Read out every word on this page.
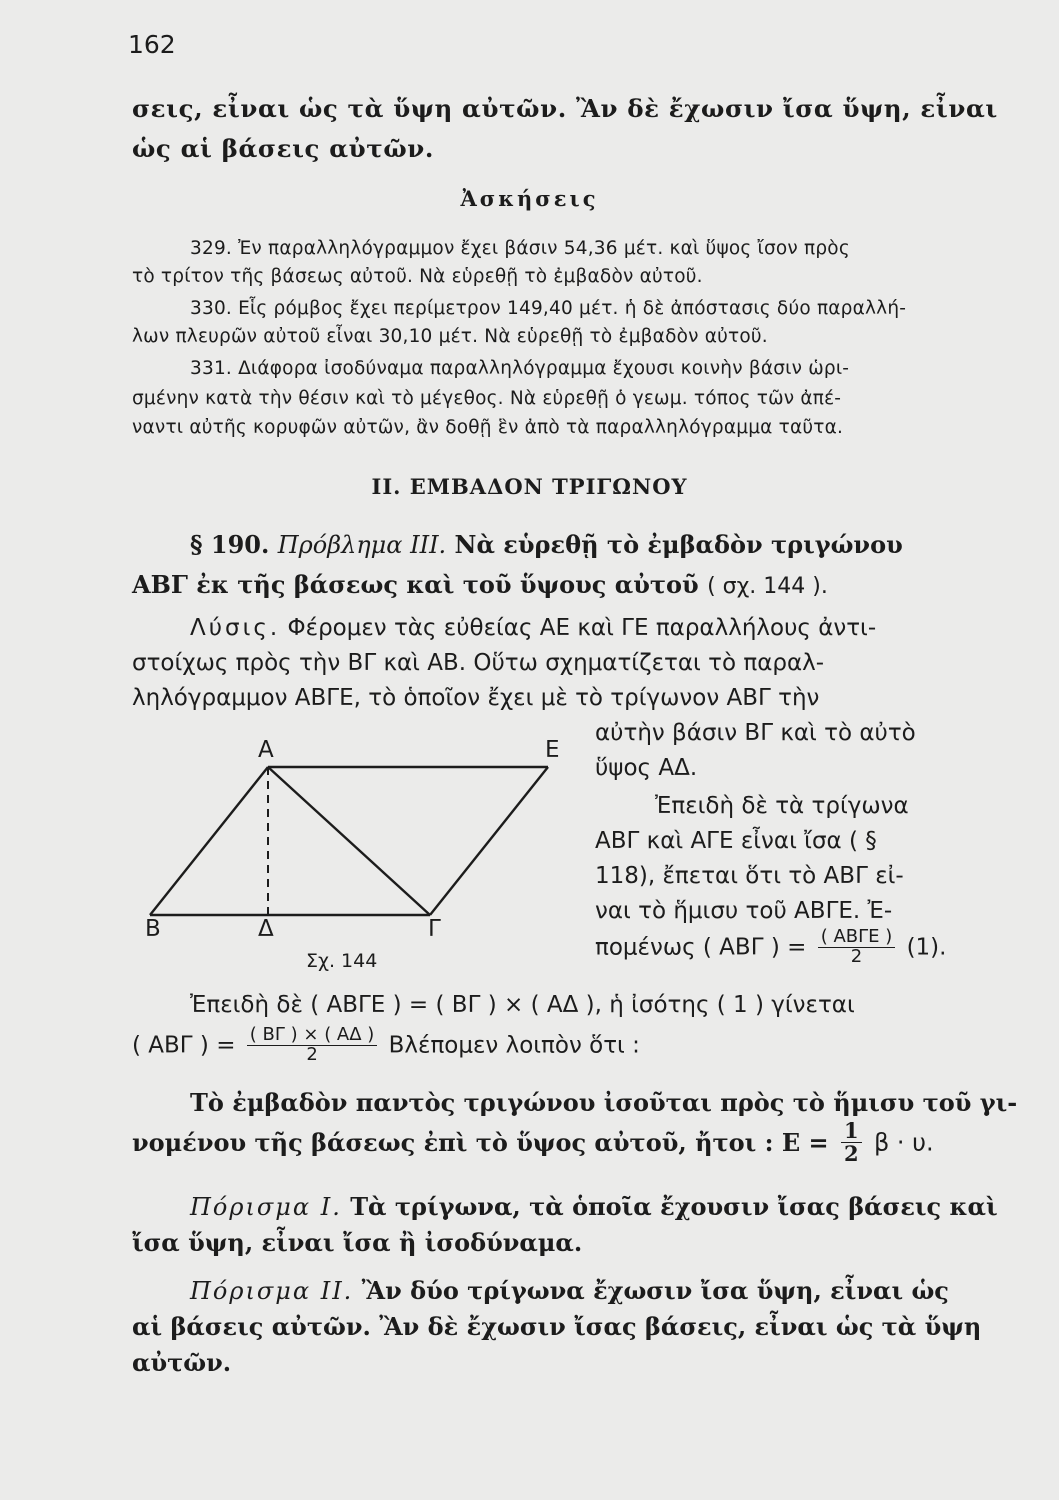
162
σεις, εἶναι ὡς τὰ ὕψη αὐτῶν. Ἂν δὲ ἔχωσιν ἴσα ὕψη, εἶναι
ὡς αἱ βάσεις αὐτῶν.
Ἀσκήσεις
329. Ἐν παραλληλόγραμμον ἔχει βάσιν 54,36 μέτ. καὶ ὕψος ἴσον πρὸς
τὸ τρίτον τῆς βάσεως αὐτοῦ. Νὰ εὑρεθῇ τὸ ἐμβαδὸν αὐτοῦ.
330. Εἷς ρόμβος ἔχει περίμετρον 149,40 μέτ. ἡ δὲ ἀπόστασις δύο παραλλή-
λων πλευρῶν αὐτοῦ εἶναι 30,10 μέτ. Νὰ εὑρεθῇ τὸ ἐμβαδὸν αὐτοῦ.
331. Διάφορα ἰσοδύναμα παραλληλόγραμμα ἔχουσι κοινὴν βάσιν ὡρι-
σμένην κατὰ τὴν θέσιν καὶ τὸ μέγεθος. Νὰ εὑρεθῇ ὁ γεωμ. τόπος τῶν ἀπέ-
ναντι αὐτῆς κορυφῶν αὐτῶν, ἂν δοθῇ ἓν ἀπὸ τὰ παραλληλόγραμμα ταῦτα.
II. ΕΜΒΑΔΟΝ ΤΡΙΓΩΝΟΥ
§ 190. Πρόβλημα III. Νὰ εὑρεθῇ τὸ ἐμβαδὸν τριγώνου
ΑΒΓ ἐκ τῆς βάσεως καὶ τοῦ ὕψους αὐτοῦ ( σχ. 144 ).
Λύσις. Φέρομεν τὰς εὐθείας ΑΕ καὶ ΓΕ παραλλήλους ἀντι-
στοίχως πρὸς τὴν ΒΓ καὶ ΑΒ. Οὕτω σχηματίζεται τὸ παραλ-
ληλόγραμμον ΑΒΓΕ, τὸ ὁποῖον ἔχει μὲ τὸ τρίγωνον ΑΒΓ τὴν
αὐτὴν βάσιν ΒΓ καὶ τὸ αὐτὸ
ὕψος ΑΔ.
Ἐπειδὴ δὲ τὰ τρίγωνα
ΑΒΓ καὶ ΑΓΕ εἶναι ἴσα ( §
118), ἔπεται ὅτι τὸ ΑΒΓ εἰ-
ναι τὸ ἥμισυ τοῦ ΑΒΓΕ. Ἐ-
πομένως ( ΑΒΓ ) = $\frac{\text{( ΑΒΓΕ )}}{2} (1)$.
Α	Ε
Β	Δ	Γ
Σχ. 144
Ἐπειδὴ δὲ ( ΑΒΓΕ ) = ( ΒΓ ) × ( ΑΔ ), ἡ ἰσότης ( 1 ) γίνεται
( ΑΒΓ ) = $\frac{( B\Gamma ) \times ( A\Delta )}{2}$ Βλέπομεν λοιπὸν ὅτι :
Τὸ ἐμβαδὸν παντὸς τριγώνου ἰσοῦται πρὸς τὸ ἥμισυ τοῦ γι-
νομένου τῆς βάσεως ἐπὶ τὸ ὕψος αὐτοῦ, ἤτοι : $E = \frac{1}{2}$ β · υ.
Πόρισμα I. Τὰ τρίγωνα, τὰ ὁποῖα ἔχουσιν ἴσας βάσεις καὶ
ἴσα ὕψη, εἶναι ἴσα ἢ ἰσοδύναμα.
Πόρισμα II. Ἂν δύο τρίγωνα ἔχωσιν ἴσα ὕψη, εἶναι ὡς
αἱ βάσεις αὐτῶν. Ἂν δὲ ἔχωσιν ἴσας βάσεις, εἶναι ὡς τὰ ὕψη
αὐτῶν.
